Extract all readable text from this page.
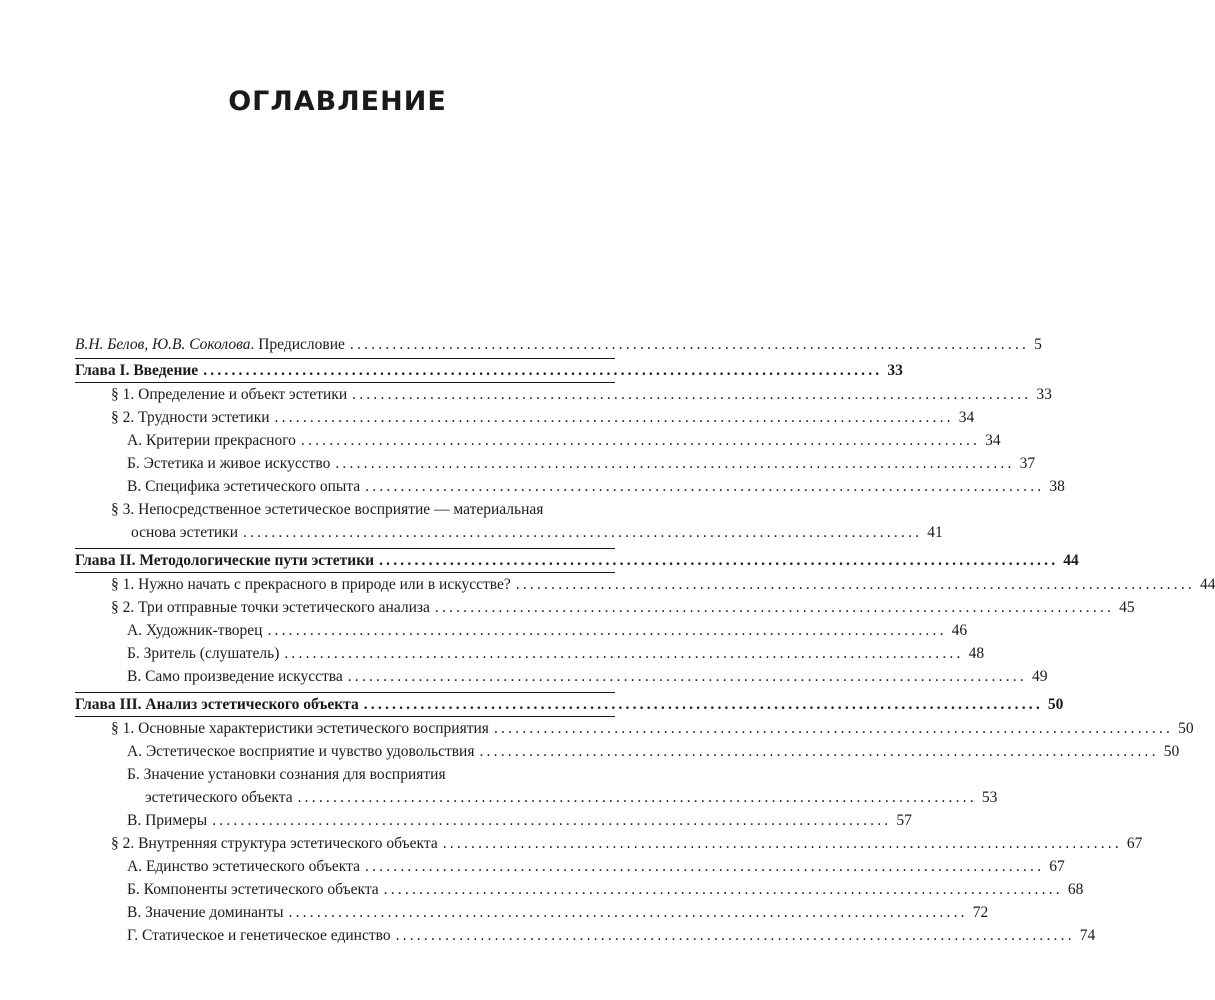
ОГЛАВЛЕНИЕ
В.Н. Белов, Ю.В. Соколова. Предисловие ................................................................................................ 5
Глава I. Введение ................................................................................................ 33
§ 1. Определение и объект эстетики ................................................................................................ 33
§ 2. Трудности эстетики ................................................................................................ 34
А. Критерии прекрасного ................................................................................................ 34
Б. Эстетика и живое искусство ................................................................................................ 37
В. Специфика эстетического опыта ................................................................................................ 38
§ 3. Непосредственное эстетическое восприятие — материальная
основа эстетики ................................................................................................ 41
Глава II. Методологические пути эстетики ................................................................................................ 44
§ 1. Нужно начать с прекрасного в природе или в искусстве? ................................................................................................ 44
§ 2. Три отправные точки эстетического анализа ................................................................................................ 45
А. Художник-творец ................................................................................................ 46
Б. Зритель (слушатель) ................................................................................................ 48
В. Само произведение искусства ................................................................................................ 49
Глава III. Анализ эстетического объекта ................................................................................................ 50
§ 1. Основные характеристики эстетического восприятия ................................................................................................ 50
А. Эстетическое восприятие и чувство удовольствия ................................................................................................ 50
Б. Значение установки сознания для восприятия
эстетического объекта ................................................................................................ 53
В. Примеры ................................................................................................ 57
§ 2. Внутренняя структура эстетического объекта ................................................................................................ 67
А. Единство эстетического объекта ................................................................................................ 67
Б. Компоненты эстетического объекта ................................................................................................ 68
В. Значение доминанты ................................................................................................ 72
Г. Статическое и генетическое единство ................................................................................................ 74
